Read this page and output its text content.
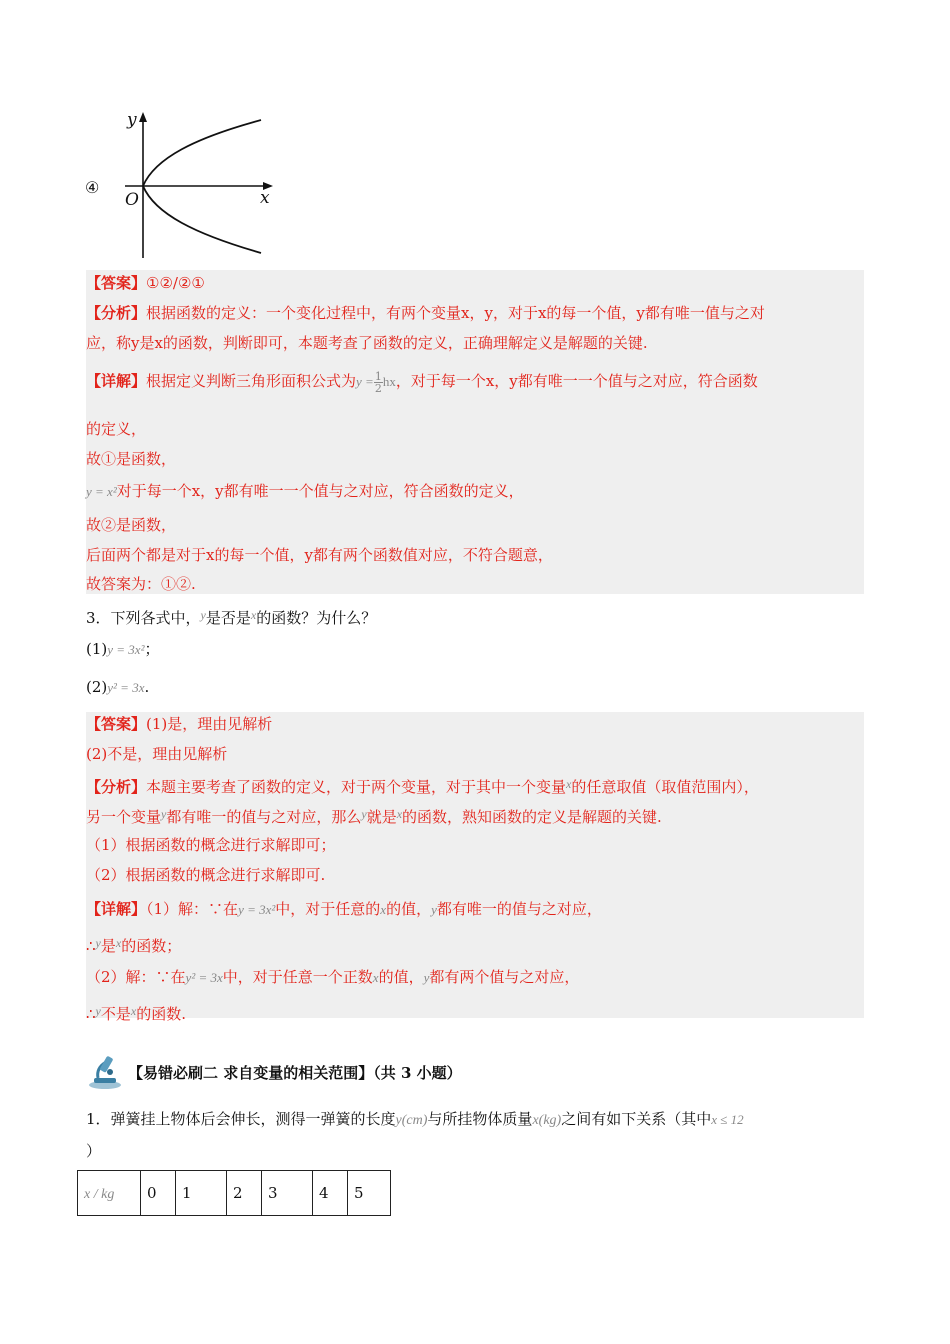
④
y
x
O
【答案】①②/②①
【分析】根据函数的定义：一个变化过程中，有两个变量x，y，对于x的每一个值，y都有唯一值与之对
应，称y是x的函数，判断即可，本题考查了函数的定义，正确理解定义是解题的关键.
【详解】根据定义判断三角形面积公式为$y = \frac{1}{2}$ hx，对于每一个x，y都有唯一一个值与之对应，符合函数
的定义，
故①是函数，
y = x²对于每一个x，y都有唯一一个值与之对应，符合函数的定义，
故②是函数，
后面两个都是对于x的每一个值，y都有两个函数值对应，不符合题意，
故答案为：①②.
3．下列各式中，$^y$是否是$^x$的函数？为什么？
(1)y = 3x²；
(2)y² = 3x.
【答案】(1)是，理由见解析
(2)不是，理由见解析
【分析】本题主要考查了函数的定义，对于两个变量，对于其中一个变量$^x$的任意取值（取值范围内），
另一个变量$^y$都有唯一的值与之对应，那么$^y$就是$^x$的函数，熟知函数的定义是解题的关键.
（1）根据函数的概念进行求解即可；
（2）根据函数的概念进行求解即可.
【详解】（1）解：∵在y = 3x²中，对于任意的x的值，y都有唯一的值与之对应，
∴$^y$是$^x$的函数；
（2）解：∵在y² = 3x中，对于任意一个正数x的值，y都有两个值与之对应，
∴$^y$不是$^x$的函数.
【易错必刷二 求自变量的相关范围】（共 3 小题）
1．弹簧挂上物体后会伸长，测得一弹簧的长度y(cm)与所挂物体质量x(kg)之间有如下关系（其中x ≤ 12
）
x / kg	0	1	2	3	4	5
